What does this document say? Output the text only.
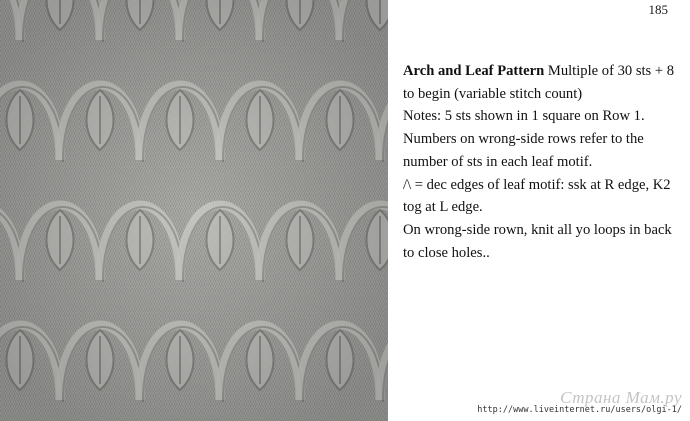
185

Arch and Leaf Pattern Multiple of 30 sts + 8 to begin (variable stitch count)

Notes: 5 sts shown in 1 square on Row 1. Numbers on wrong-side rows refer to the number of sts in each leaf motif.

/\ = dec edges of leaf motif: ssk at R edge, K2 tog at L edge.

On wrong-side rown, knit all yo loops in back to close holes..

Страна Мам.ру
http://www.liveinternet.ru/users/olgi-1/
